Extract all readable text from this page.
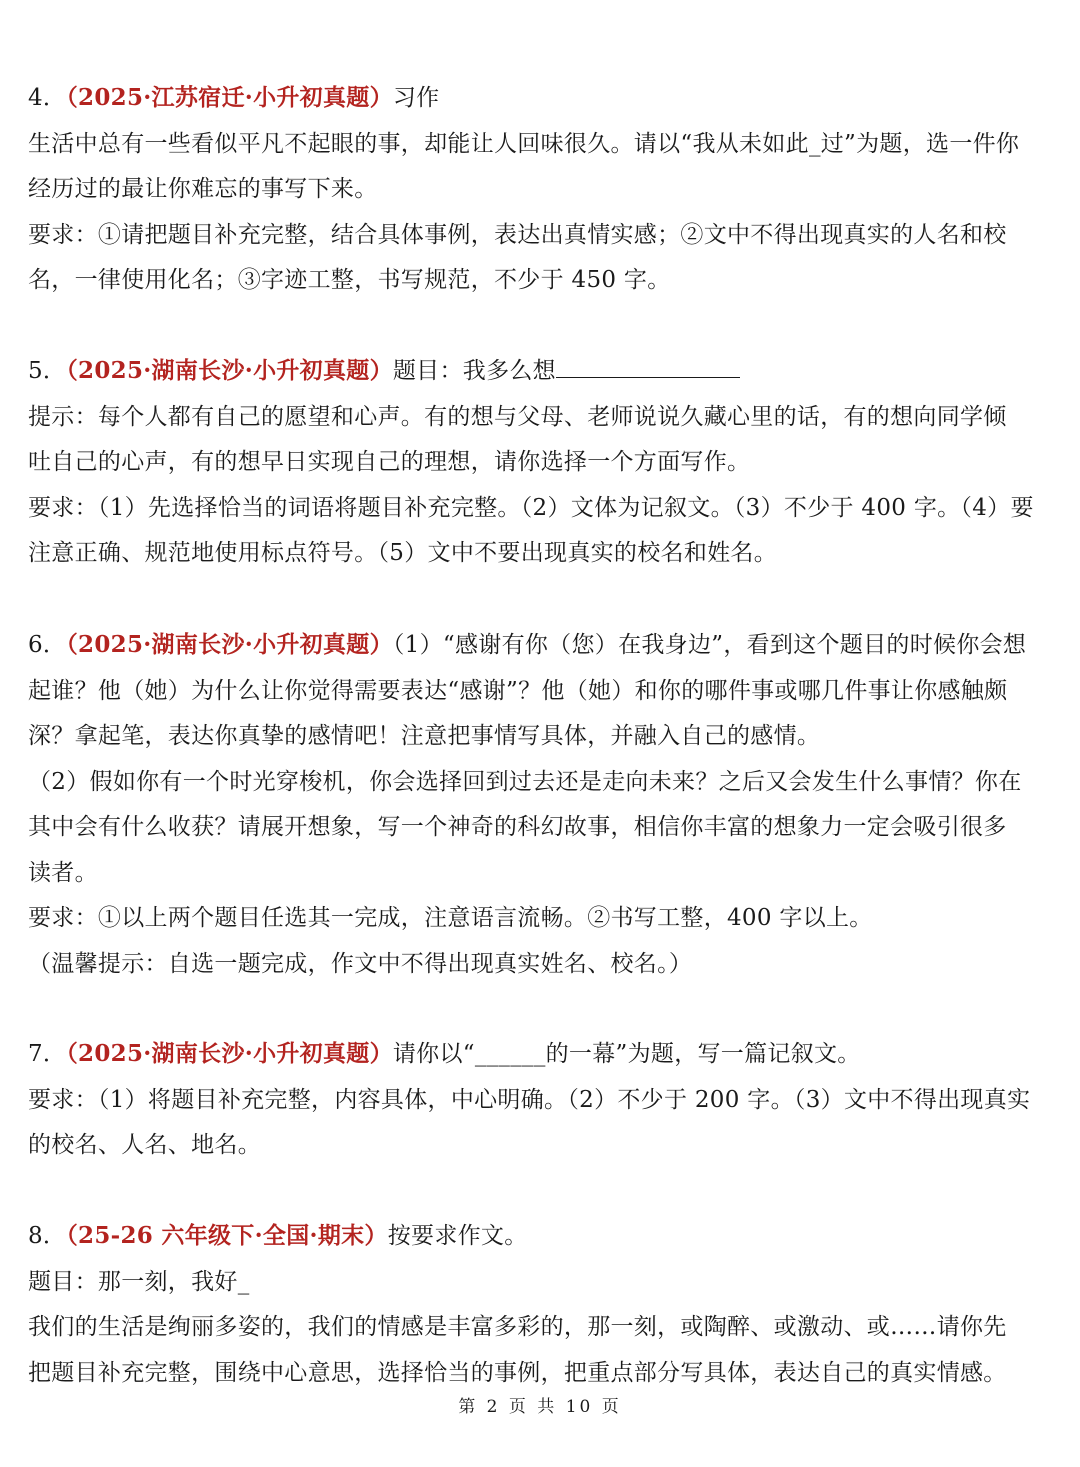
4．（2025·江苏宿迁·小升初真题）习作
生活中总有一些看似平凡不起眼的事，却能让人回味很久。请以“我从未如此_过”为题，选一件你
经历过的最让你难忘的事写下来。
要求：①请把题目补充完整，结合具体事例，表达出真情实感；②文中不得出现真实的人名和校
名，一律使用化名；③字迹工整，书写规范，不少于 450 字。
5．（2025·湖南长沙·小升初真题）题目：我多么想
提示：每个人都有自己的愿望和心声。有的想与父母、老师说说久藏心里的话，有的想向同学倾
吐自己的心声，有的想早日实现自己的理想，请你选择一个方面写作。
要求：（1）先选择恰当的词语将题目补充完整。（2）文体为记叙文。（3）不少于 400 字。（4）要
注意正确、规范地使用标点符号。（5）文中不要出现真实的校名和姓名。
6．（2025·湖南长沙·小升初真题）（1）“感谢有你（您）在我身边”，看到这个题目的时候你会想
起谁？他（她）为什么让你觉得需要表达“感谢”？他（她）和你的哪件事或哪几件事让你感触颇
深？拿起笔，表达你真挚的感情吧！注意把事情写具体，并融入自己的感情。
（2）假如你有一个时光穿梭机，你会选择回到过去还是走向未来？之后又会发生什么事情？你在
其中会有什么收获？请展开想象，写一个神奇的科幻故事，相信你丰富的想象力一定会吸引很多
读者。
要求：①以上两个题目任选其一完成，注意语言流畅。②书写工整，400 字以上。
（温馨提示：自选一题完成，作文中不得出现真实姓名、校名。）
7．（2025·湖南长沙·小升初真题）请你以“______的一幕”为题，写一篇记叙文。
要求：（1）将题目补充完整，内容具体，中心明确。（2）不少于 200 字。（3）文中不得出现真实
的校名、人名、地名。
8．（25-26 六年级下·全国·期末）按要求作文。
题目：那一刻，我好_
我们的生活是绚丽多姿的，我们的情感是丰富多彩的，那一刻，或陶醉、或激动、或……请你先
把题目补充完整，围绕中心意思，选择恰当的事例，把重点部分写具体，表达自己的真实情感。
第 2 页 共 10 页
